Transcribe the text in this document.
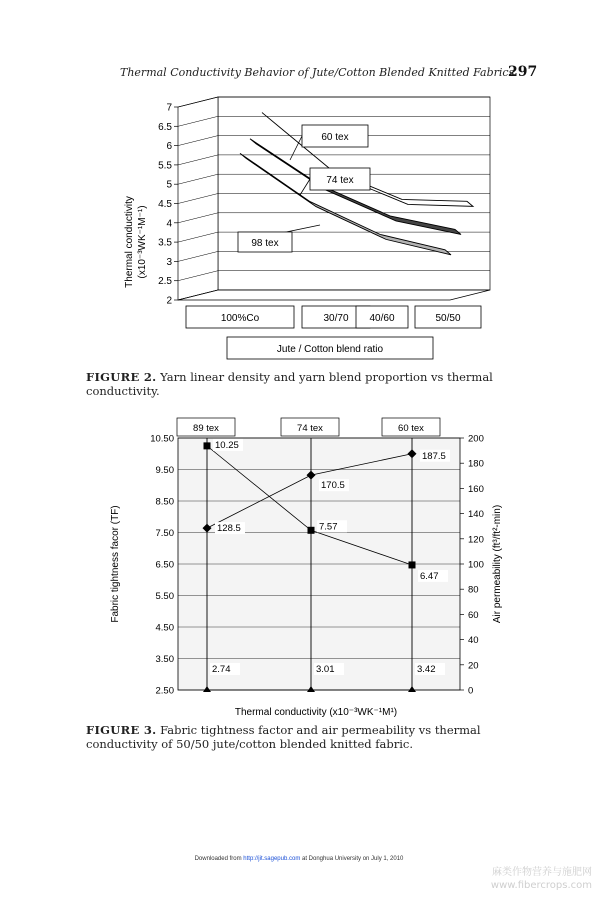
Thermal Conductivity Behavior of Jute/Cotton Blended Knitted Fabrics
297
2
2.5
3
3.5
4
4.5
5
5.5
6
6.5
7
Thermal conductivity (x10⁻³WK⁻¹M⁻¹)
60 tex
74 tex
98 tex
100%Co	30/70 40/60	50/50
Jute / Cotton blend ratio
FIGURE 2. Yarn linear density and yarn blend proportion vs thermal conductivity.
89 tex	74 tex	60 tex
2.50
3.50
4.50
5.50
6.50
7.50
8.50
9.50
10.50
0
20
40
60
80
100
120
140
160
180
200
10.25
7.57
6.47
128.5
170.5
187.5
2.74	3.01	3.42
Fabric tightness facor (TF)	Air permeability (ft³/ft²-min)
Thermal conductivity (x10⁻³WK⁻¹M¹)
FIGURE 3. Fabric tightness factor and air permeability vs thermal conductivity of 50/50 jute/cotton blended knitted fabric.
Downloaded from http://jit.sagepub.com at Donghua University on July 1, 2010
麻类作物营养与施肥网
www.fibercrops.com
